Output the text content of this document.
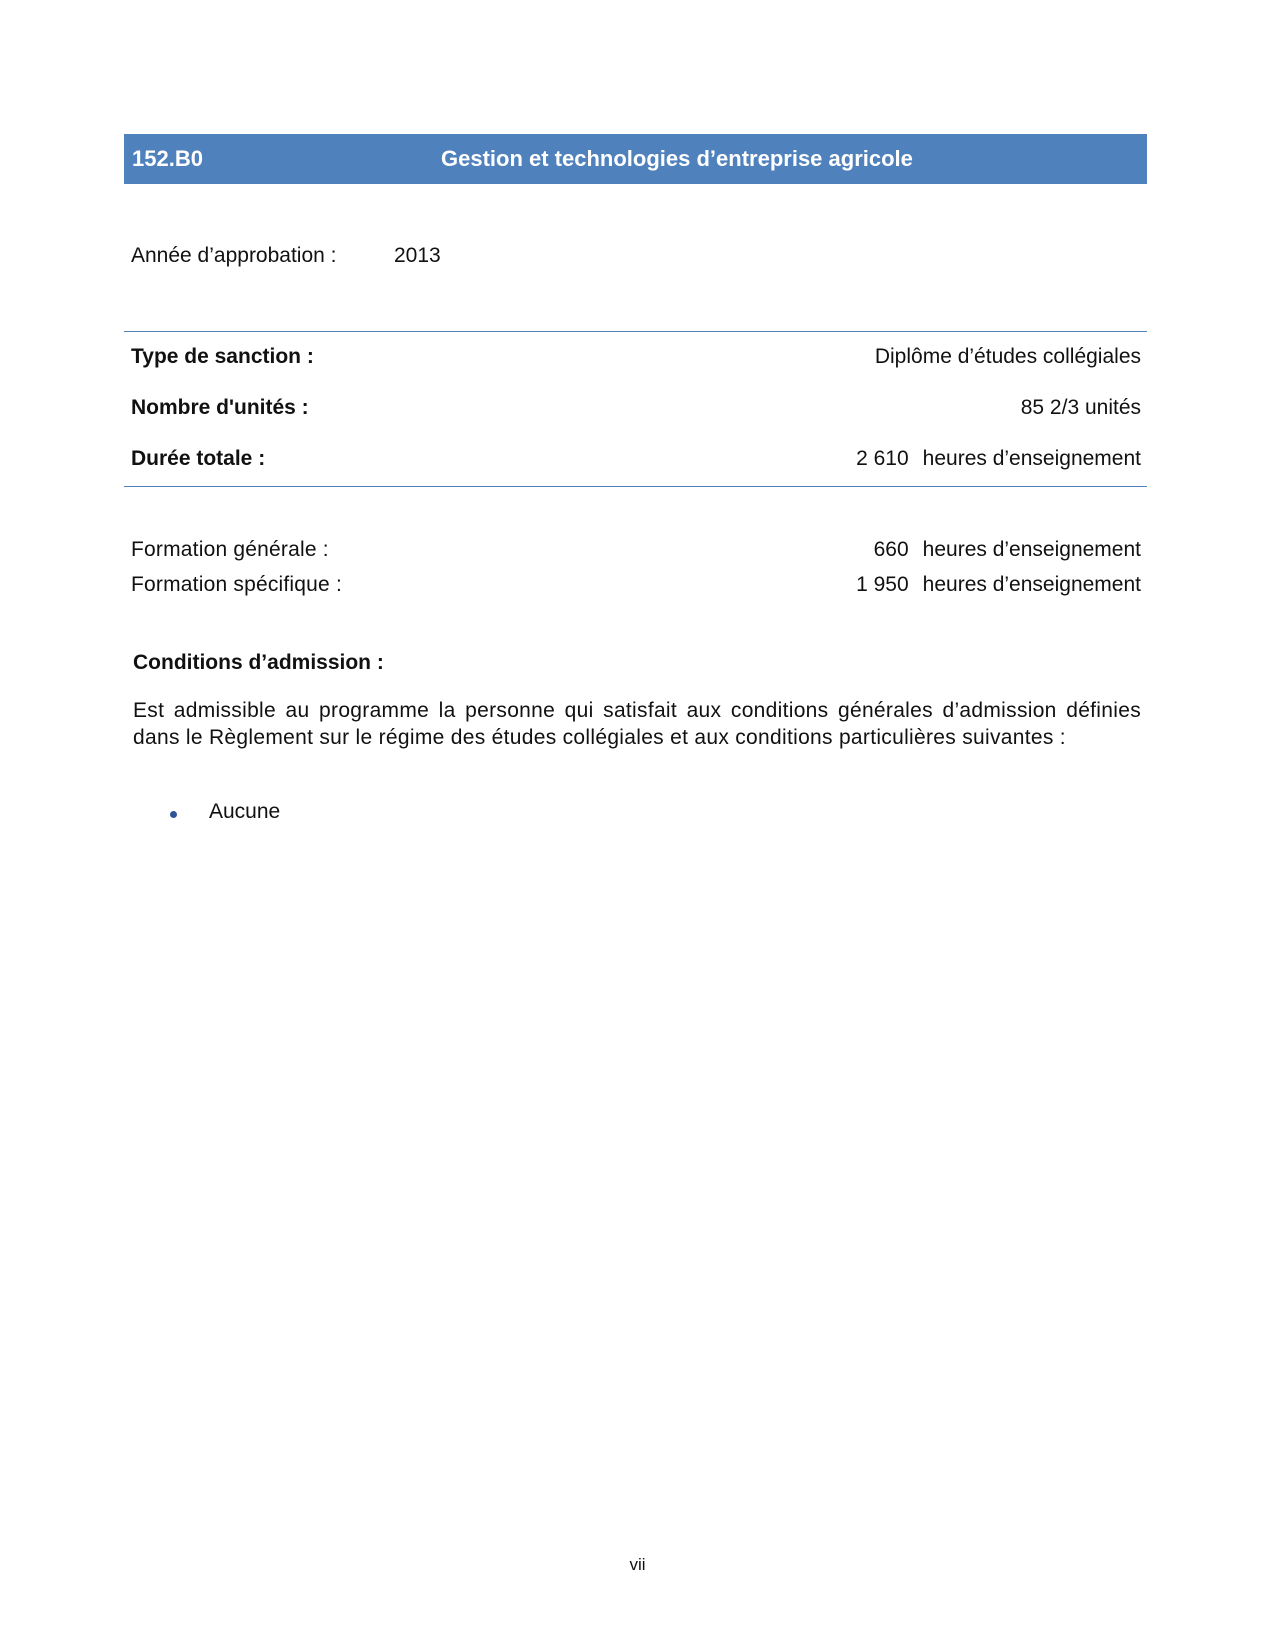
152.B0	Gestion et technologies d’entreprise agricole
Année d’approbation :	2013
Type de sanction :	Diplôme d’études collégiales
Nombre d'unités :	85 2/3 unités
Durée totale :	2 610 heures d’enseignement
Formation générale :	660 heures d’enseignement
Formation spécifique :	1 950 heures d’enseignement
Conditions d’admission :
Est admissible au programme la personne qui satisfait aux conditions générales d’admission définies dans le Règlement sur le régime des études collégiales et aux conditions particulières suivantes :
Aucune
vii
